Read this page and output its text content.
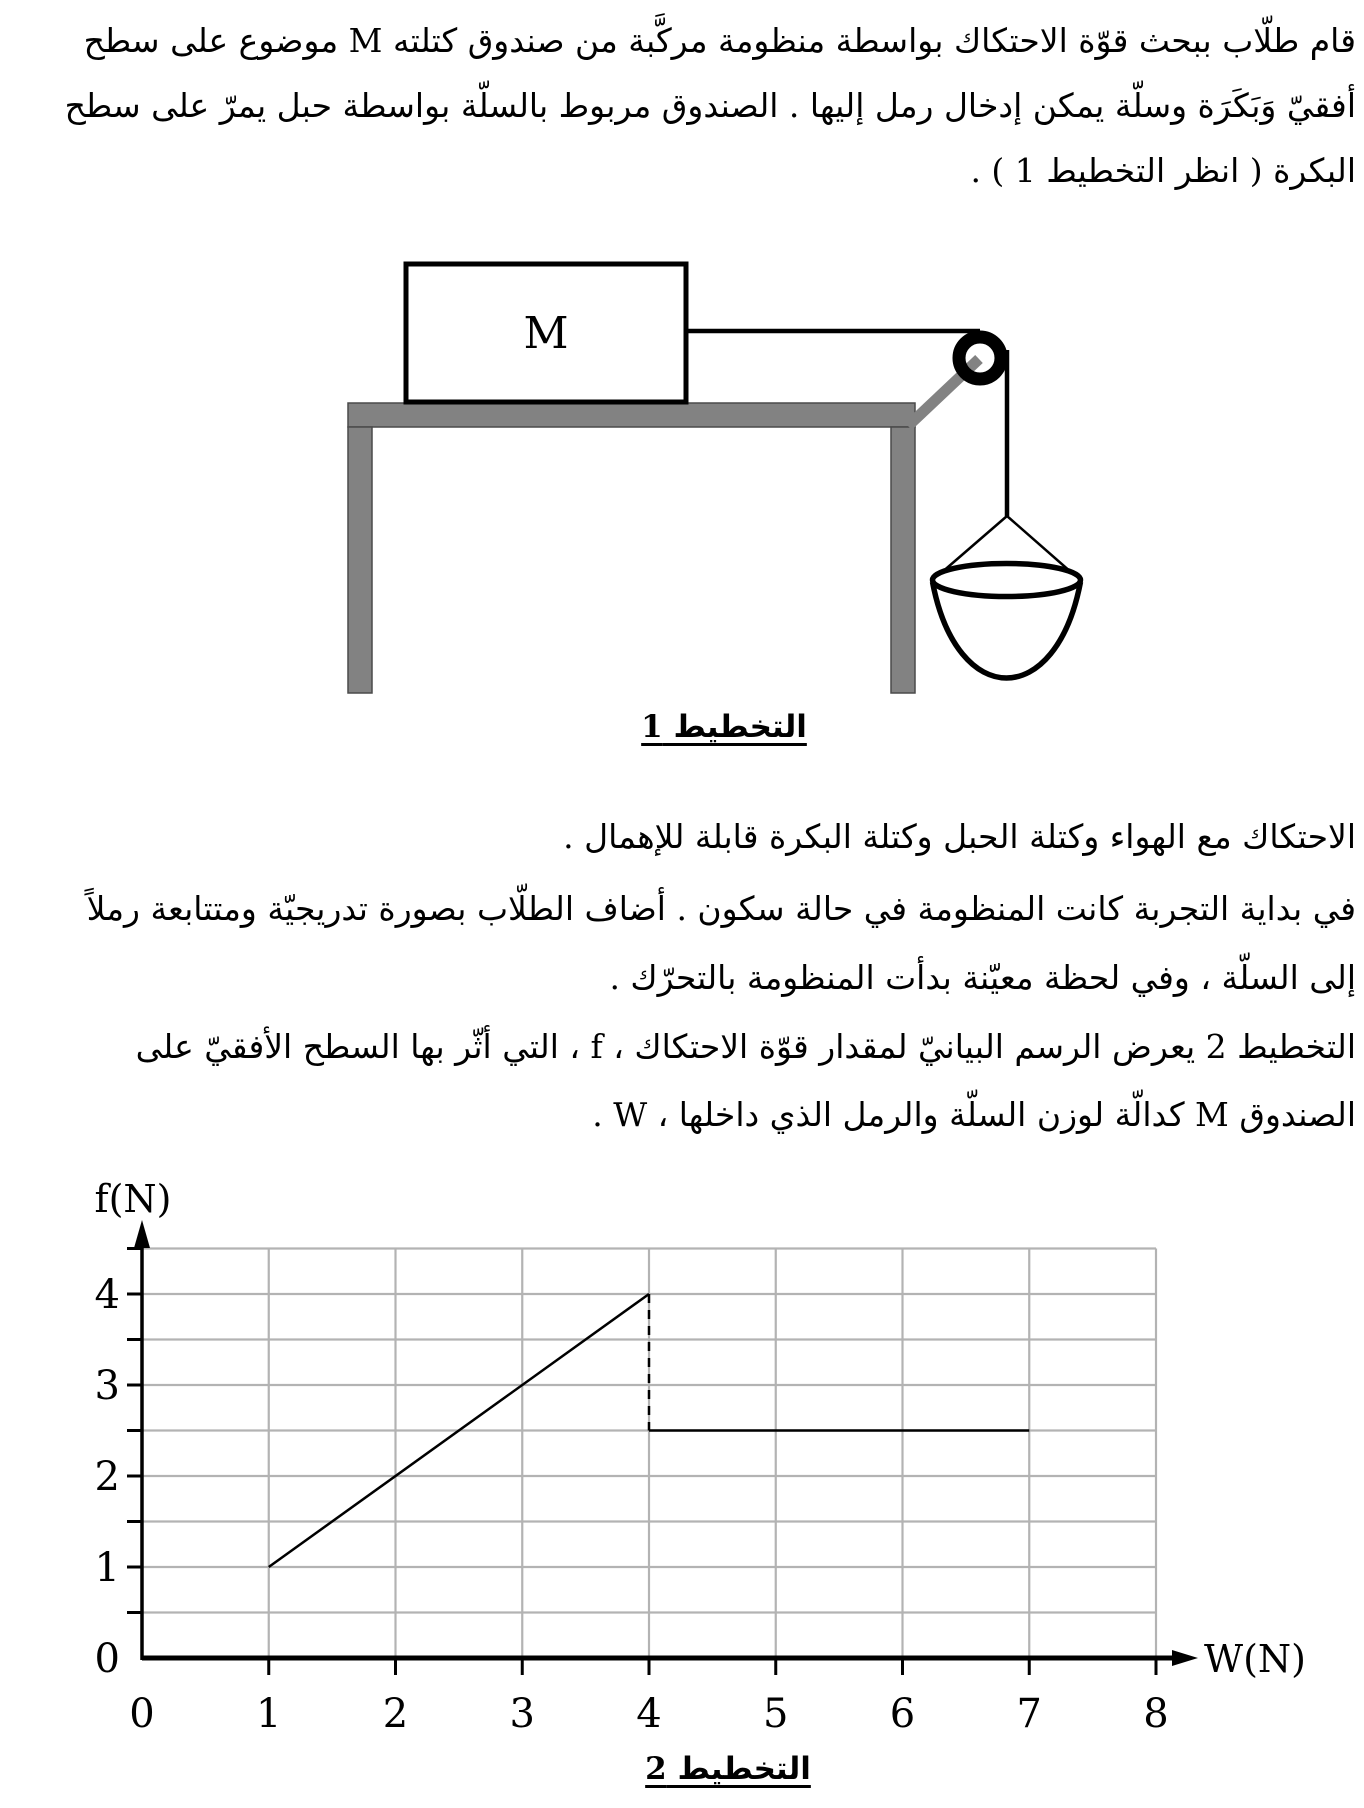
قام طلّاب ببحث قوّة الاحتكاك بواسطة منظومة مركَّبة من صندوق كتلته M موضوع على سطح
أفقيّ وَبَكَرَة وسلّة يمكن إدخال رمل إليها . الصندوق مربوط بالسلّة بواسطة حبل يمرّ على سطح
البكرة ( انظر التخطيط 1 ) .
M
التخطيط 1
الاحتكاك مع الهواء وكتلة الحبل وكتلة البكرة قابلة للإهمال .
في بداية التجربة كانت المنظومة في حالة سكون . أضاف الطلّاب بصورة تدريجيّة ومتتابعة رملاً
إلى السلّة ، وفي لحظة معيّنة بدأت المنظومة بالتحرّك .
التخطيط 2 يعرض الرسم البيانيّ لمقدار قوّة الاحتكاك ، f ، التي أثّر بها السطح الأفقيّ على
الصندوق M كدالّة لوزن السلّة والرمل الذي داخلها ، W .
0
1
2
3
4
0	1	2	3	4	5	6	7	8
f(N)
W(N)
التخطيط 2
